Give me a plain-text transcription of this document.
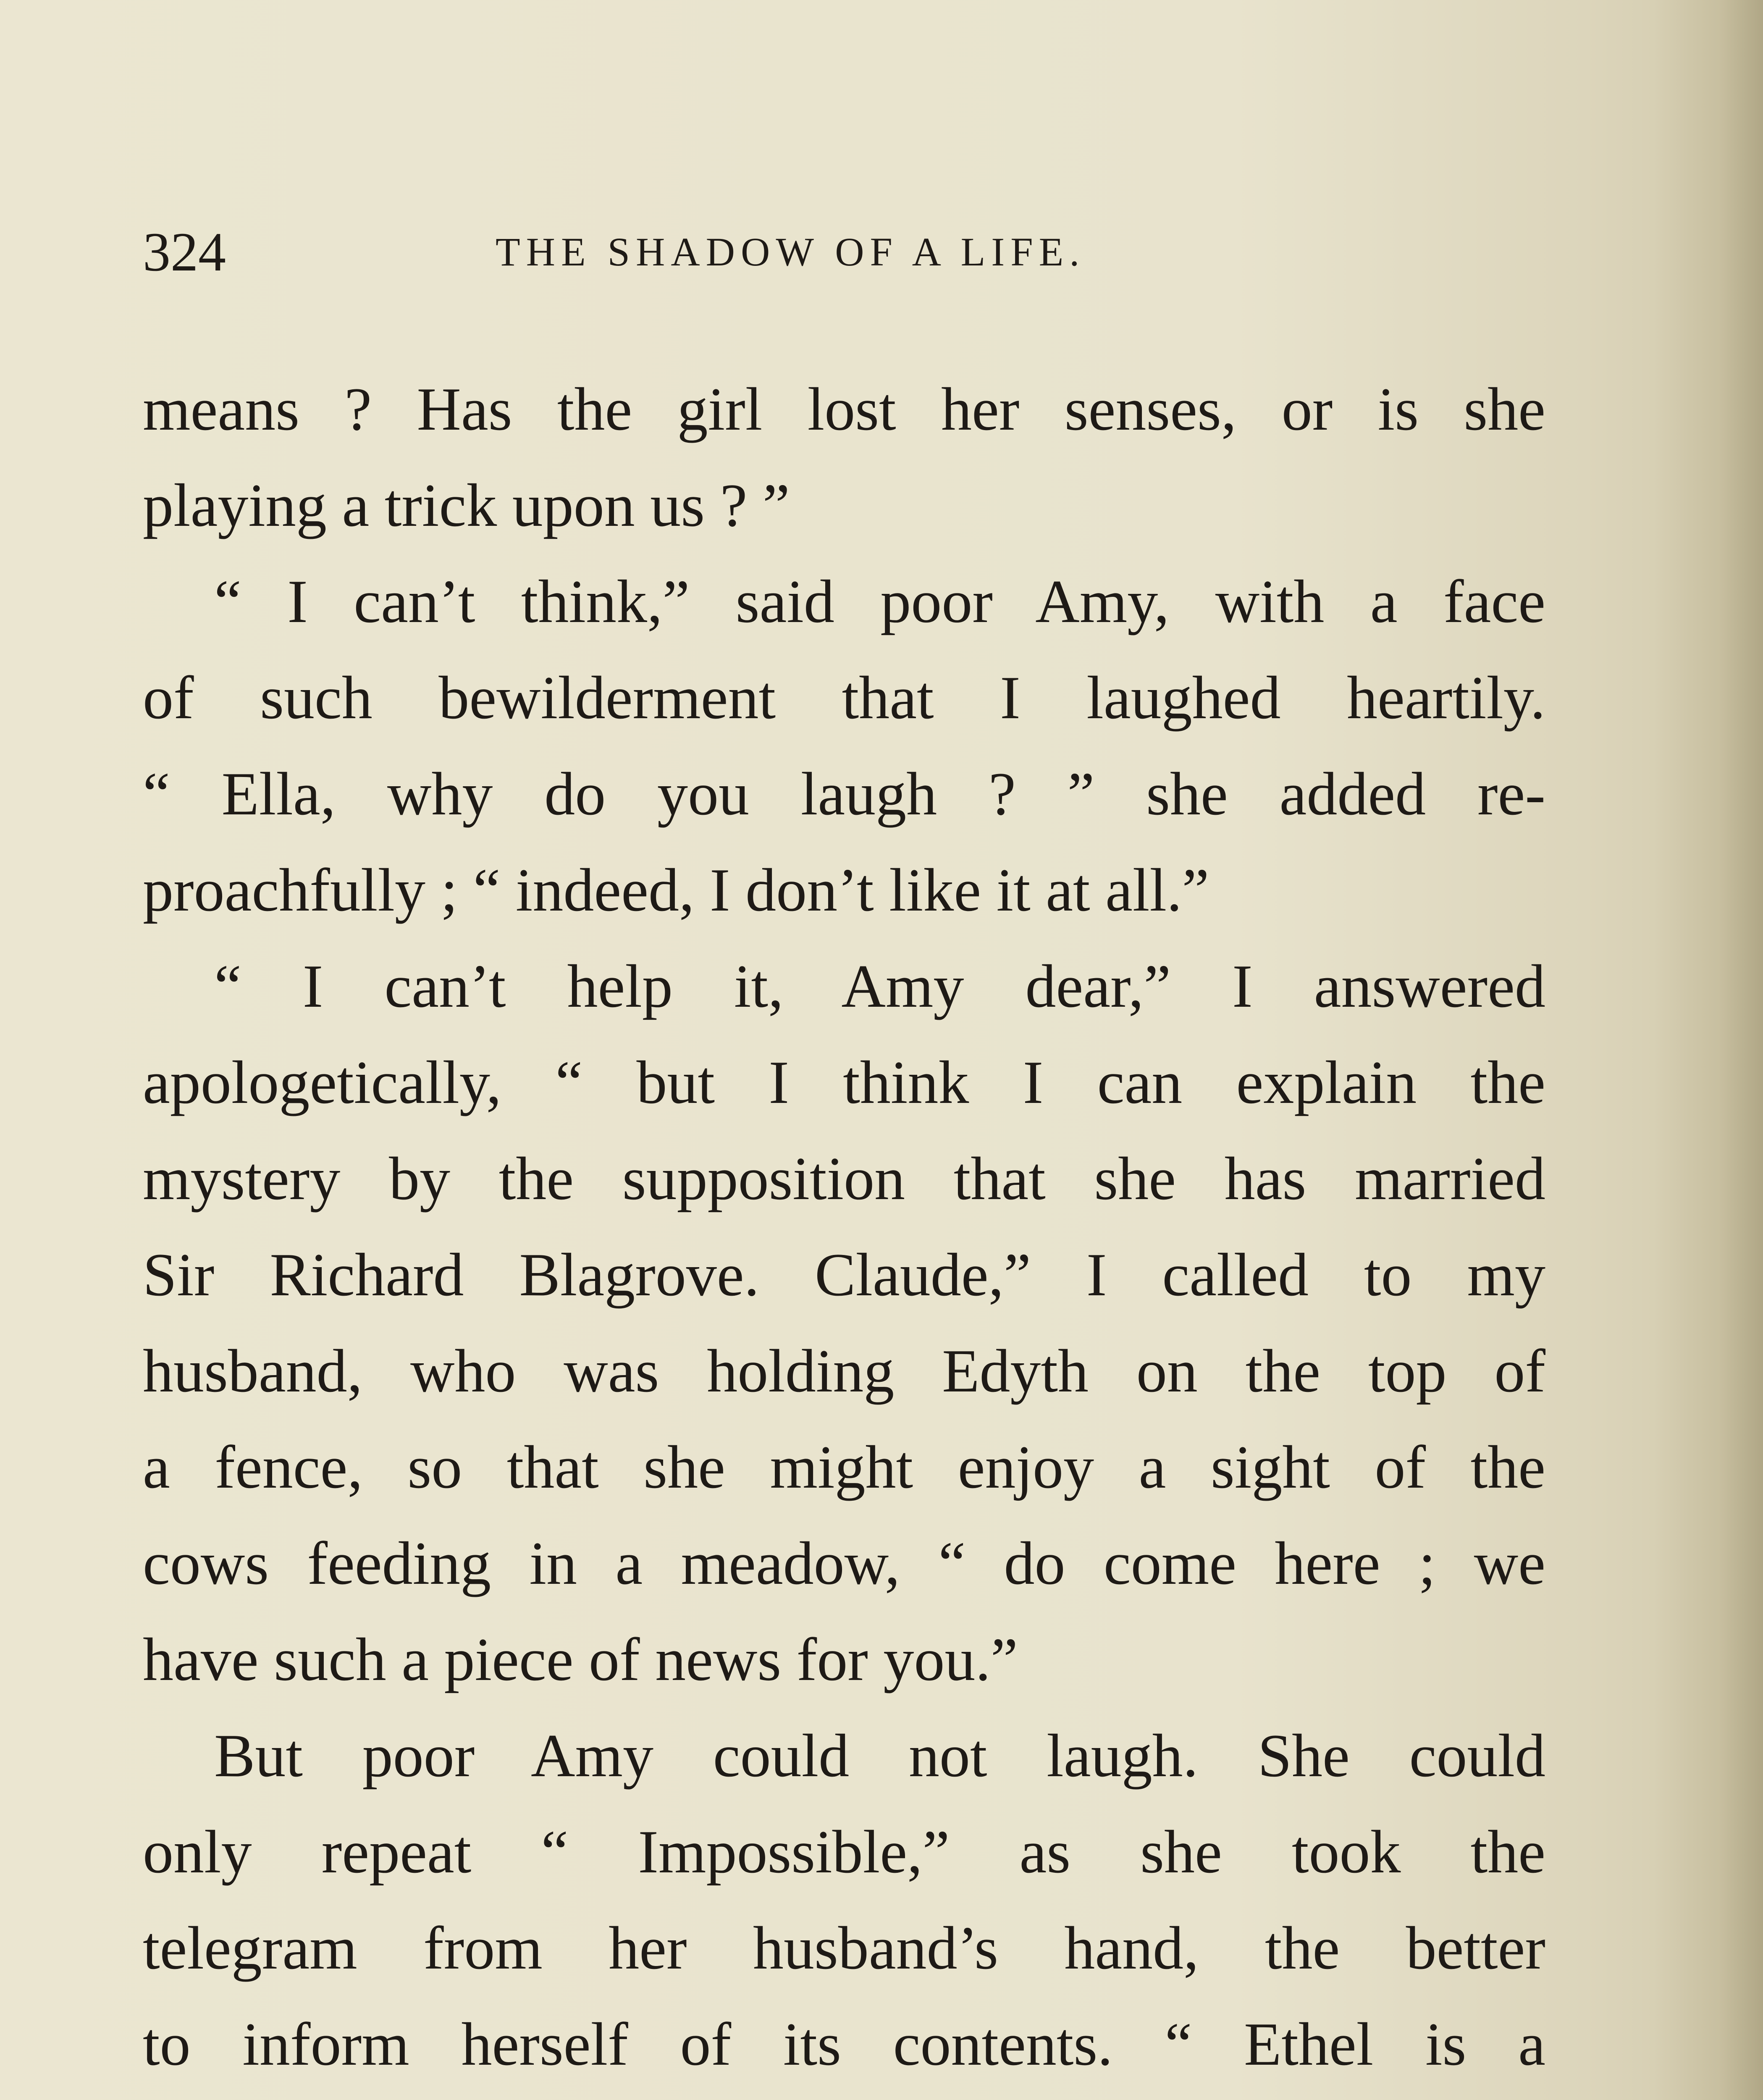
324	THE SHADOW OF A LIFE.
means ? Has the girl lost her senses, or is she
playing a trick upon us ? ”
“ I can’t think,” said poor Amy, with a face
of such bewilderment that I laughed heartily.
“ Ella, why do you laugh ? ” she added re-
proachfully ; “ indeed, I don’t like it at all.”
“ I can’t help it, Amy dear,” I answered
apologetically, “ but I think I can explain the
mystery by the supposition that she has married
Sir Richard Blagrove. Claude,” I called to my
husband, who was holding Edyth on the top of
a fence, so that she might enjoy a sight of the
cows feeding in a meadow, “ do come here ; we
have such a piece of news for you.”
But poor Amy could not laugh. She could
only repeat “ Impossible,” as she took the
telegram from her husband’s hand, the better
to inform herself of its contents. “ Ethel is a
